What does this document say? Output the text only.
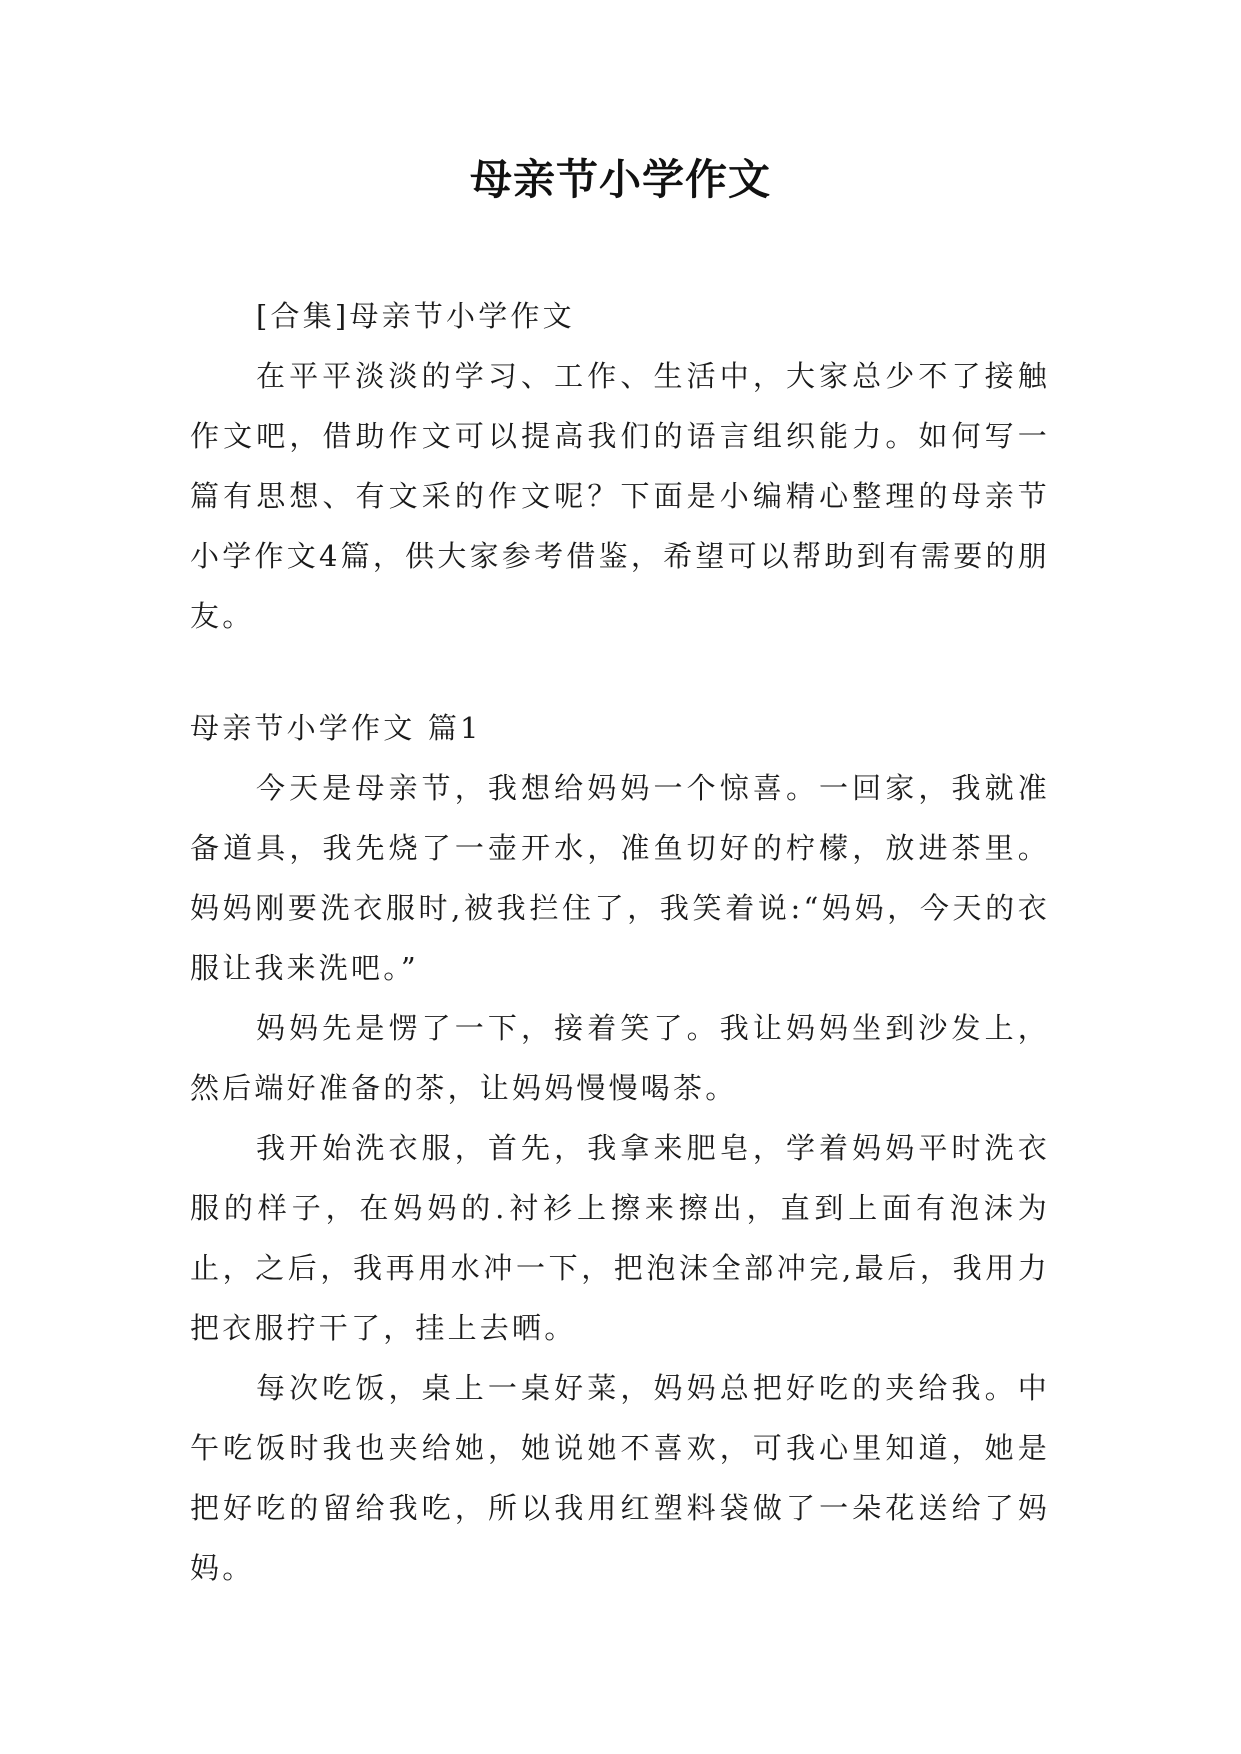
母亲节小学作文

[合集]母亲节小学作文

在平平淡淡的学习、工作、生活中，大家总少不了接触作文吧，借助作文可以提高我们的语言组织能力。如何写一篇有思想、有文采的作文呢？下面是小编精心整理的母亲节小学作文4篇，供大家参考借鉴，希望可以帮助到有需要的朋友。

母亲节小学作文 篇1

今天是母亲节，我想给妈妈一个惊喜。一回家，我就准备道具，我先烧了一壶开水，准鱼切好的柠檬，放进茶里。妈妈刚要洗衣服时,被我拦住了，我笑着说:“妈妈，今天的衣服让我来洗吧。”

妈妈先是愣了一下，接着笑了。我让妈妈坐到沙发上，然后端好准备的茶，让妈妈慢慢喝茶。

我开始洗衣服，首先，我拿来肥皂，学着妈妈平时洗衣服的样子，在妈妈的.衬衫上擦来擦出，直到上面有泡沫为止，之后，我再用水冲一下，把泡沫全部冲完,最后，我用力把衣服拧干了，挂上去晒。

每次吃饭，桌上一桌好菜，妈妈总把好吃的夹给我。中午吃饭时我也夹给她，她说她不喜欢，可我心里知道，她是把好吃的留给我吃，所以我用红塑料袋做了一朵花送给了妈妈。
